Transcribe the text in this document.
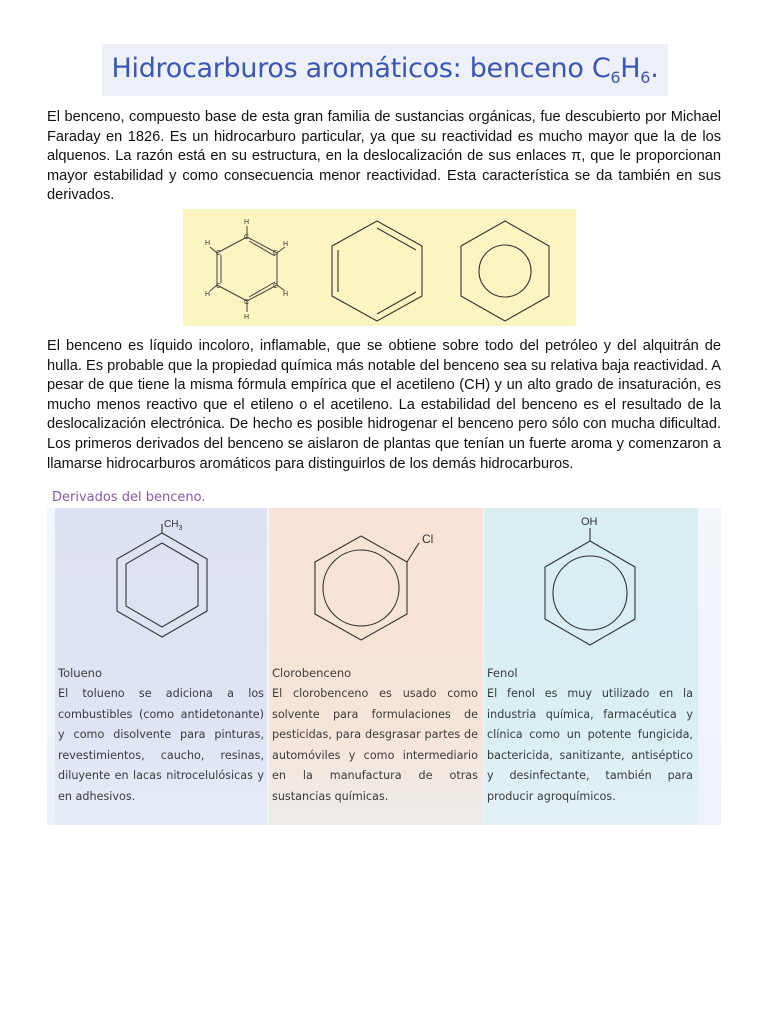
Hidrocarburos aromáticos: benceno $C_6H_6$.

El benceno, compuesto base de esta gran familia de sustancias orgánicas, fue descubierto por Michael Faraday en 1826. Es un hidrocarburo particular, ya que su reactividad es mucho mayor que la de los alquenos. La razón está en su estructura, en la deslocalización de sus enlaces π, que le proporcionan mayor estabilidad y como consecuencia menor reactividad. Esta característica se da también en sus derivados.

H
C
H
C
H
C
C
H	H
C
C
H

El benceno es líquido incoloro, inflamable, que se obtiene sobre todo del petróleo y del alquitrán de hulla. Es probable que la propiedad química más notable del benceno sea su relativa baja reactividad. A pesar de que tiene la misma fórmula empírica que el acetileno (CH) y un alto grado de insaturación, es mucho menos reactivo que el etileno o el acetileno. La estabilidad del benceno es el resultado de la deslocalización electrónica. De hecho es posible hidrogenar el benceno pero sólo con mucha dificultad. Los primeros derivados del benceno se aislaron de plantas que tenían un fuerte aroma y comenzaron a llamarse hidrocarburos aromáticos para distinguirlos de los demás hidrocarburos.

Derivados del benceno.
$CH_3$
Tolueno

El tolueno se adiciona a los combustibles (como antidetonante) y como disolvente para pinturas, revestimientos, caucho, resinas, diluyente en lacas nitrocelulósicas y en adhesivos.

Cl
Clorobenceno

El clorobenceno es usado como solvente para formulaciones de pesticidas, para desgrasar partes de automóviles y como intermediario en la manufactura de otras sustancias químicas.

OH
Fenol

El fenol es muy utilizado en la industria química, farmacéutica y clínica como un potente fungicida, bactericida, sanitizante, antiséptico y desinfectante, también para producir agroquímicos.
